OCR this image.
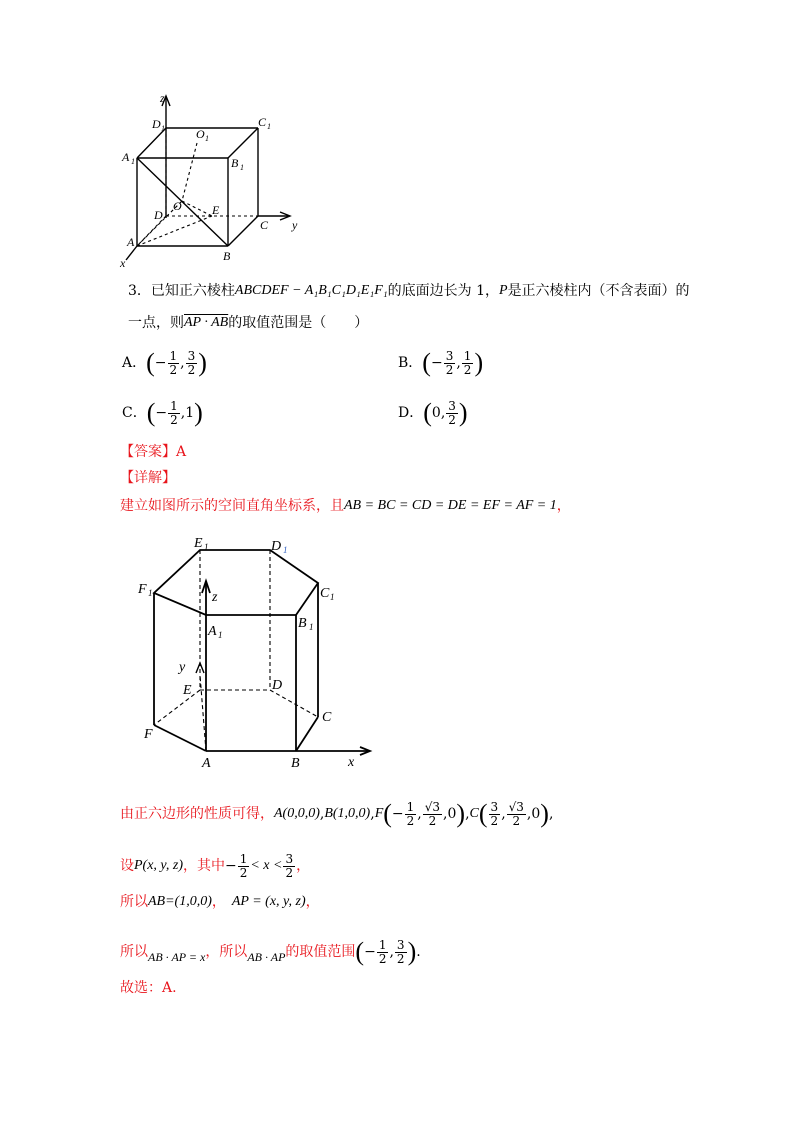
z
D 1	O 1
C 1
A 1	B 1
D
O	E
C y
A
B
x
3． 已知正六棱柱 ABCDEF − A₁B₁C₁D₁E₁F₁ 的底面边长为 1， P 是正六棱柱内（不含表面）的
一点，则 AP · AB 的取值范围是（　　）
A． ( − $\frac{1}{2}$ , $\frac{3}{2}$ )	B． ( − $\frac{3}{2}$ , $\frac{1}{2}$ )
C． ( − $\frac{1}{2}$ , 1 )	D． ( 0 , $\frac{3}{2}$ )
【答案】A
【详解】
建立如图所示的空间直角坐标系，且 AB = BC = CD = DE = EF = AF = 1 ，
E 1	D 1
F 1	C 1
z
A 1
B 1
y
E	D
C
F
A	B	x
由正六边形的性质可得， A(0,0,0) , B(1,0,0) , F ( − $\frac{1}{2}$ , $\frac{√3}{2}$ , 0 ) , C ( $\frac{3}{2}$ , $\frac{√3}{2}$ , 0 ) ,
设 P(x, y, z) ，其中 − $\frac{1}{2} < x < \frac{3}{2}$ ，
所以 AB=(1,0,0) ， AP = (x, y, z) ，
所以 AB · AP = x ，所以 AB · AP 的取值范围 ( − $\frac{1}{2}$ , $\frac{3}{2}$ ) .
故选：A.
